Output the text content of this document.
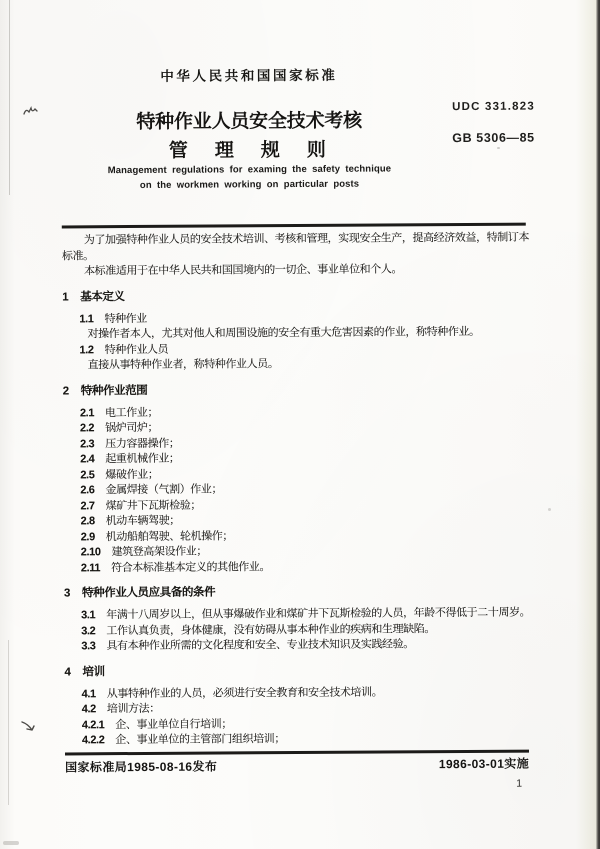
中华人民共和国国家标准
特种作业人员安全技术考核
管　理　规　则
UDC 331.823
GB 5306—85
Management regulations for examing the safety technique
on the workmen working on particular posts
为了加强特种作业人员的安全技术培训、考核和管理，实现安全生产，提高经济效益，特制订本
标准。
本标准适用于在中华人民共和国国境内的一切企、事业单位和个人。
1 基本定义
1.1 特种作业
对操作者本人，尤其对他人和周围设施的安全有重大危害因素的作业，称特种作业。
1.2 特种作业人员
直接从事特种作业者，称特种作业人员。
2 特种作业范围
2.1 电工作业；
2.2 锅炉司炉；
2.3 压力容器操作；
2.4 起重机械作业；
2.5 爆破作业；
2.6 金属焊接（气割）作业；
2.7 煤矿井下瓦斯检验；
2.8 机动车辆驾驶；
2.9 机动船舶驾驶、轮机操作；
2.10 建筑登高架设作业；
2.11 符合本标准基本定义的其他作业。
3 特种作业人员应具备的条件
3.1 年满十八周岁以上，但从事爆破作业和煤矿井下瓦斯检验的人员，年龄不得低于二十周岁。
3.2 工作认真负责，身体健康，没有妨碍从事本种作业的疾病和生理缺陷。
3.3 具有本种作业所需的文化程度和安全、专业技术知识及实践经验。
4 培训
4.1 从事特种作业的人员，必须进行安全教育和安全技术培训。
4.2 培训方法：
4.2.1 企、事业单位自行培训；
4.2.2 企、事业单位的主管部门组织培训；
国家标准局1985-08-16发布	1986-03-01实施
1
